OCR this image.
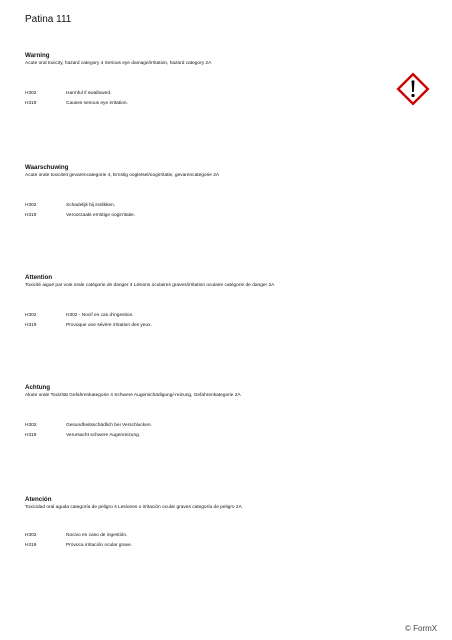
Patina 111
Warning
Acute oral toxicity, hazard category 4 Serious eye damage/irritation, hazard category 2A
H302	Harmful if swallowed.
H319	Causes serious eye irritation.
Waarschuwing
Acute orale toxiciteit gevarencategorie 4, Ernstig oogletsel/oogirritatie, gevarencategorie 2A
H302	Schadelijk bij inslikken.
H319	Veroorzaakt ernstige oogirritatie.
Attention
Toxicité aiguë par voie orale catégorie de danger 4 Lésions oculaires graves/irritation oculaire catégorie de danger 2A
H302	H302 - Nocif en cas d'ingestion.
H319	Provoque une sévère irritation des yeux.
Achtung
Akute orale Toxizität Gefahrenkategorie 4 Schwere Augenschädigung/-reizung, Gefahrenkategorie 2A
H302	Gesundheitsschädlich bei Verschlucken.
H319	Verursacht schwere Augenreizung.
Atención
Toxicidad oral aguda categoría de peligro 4 Lesiones o irritación ocular graves categoría de peligro 2A
H302	Nocivo en caso de ingestión.
H319	Provoca irritación ocular grave.
© FormX
